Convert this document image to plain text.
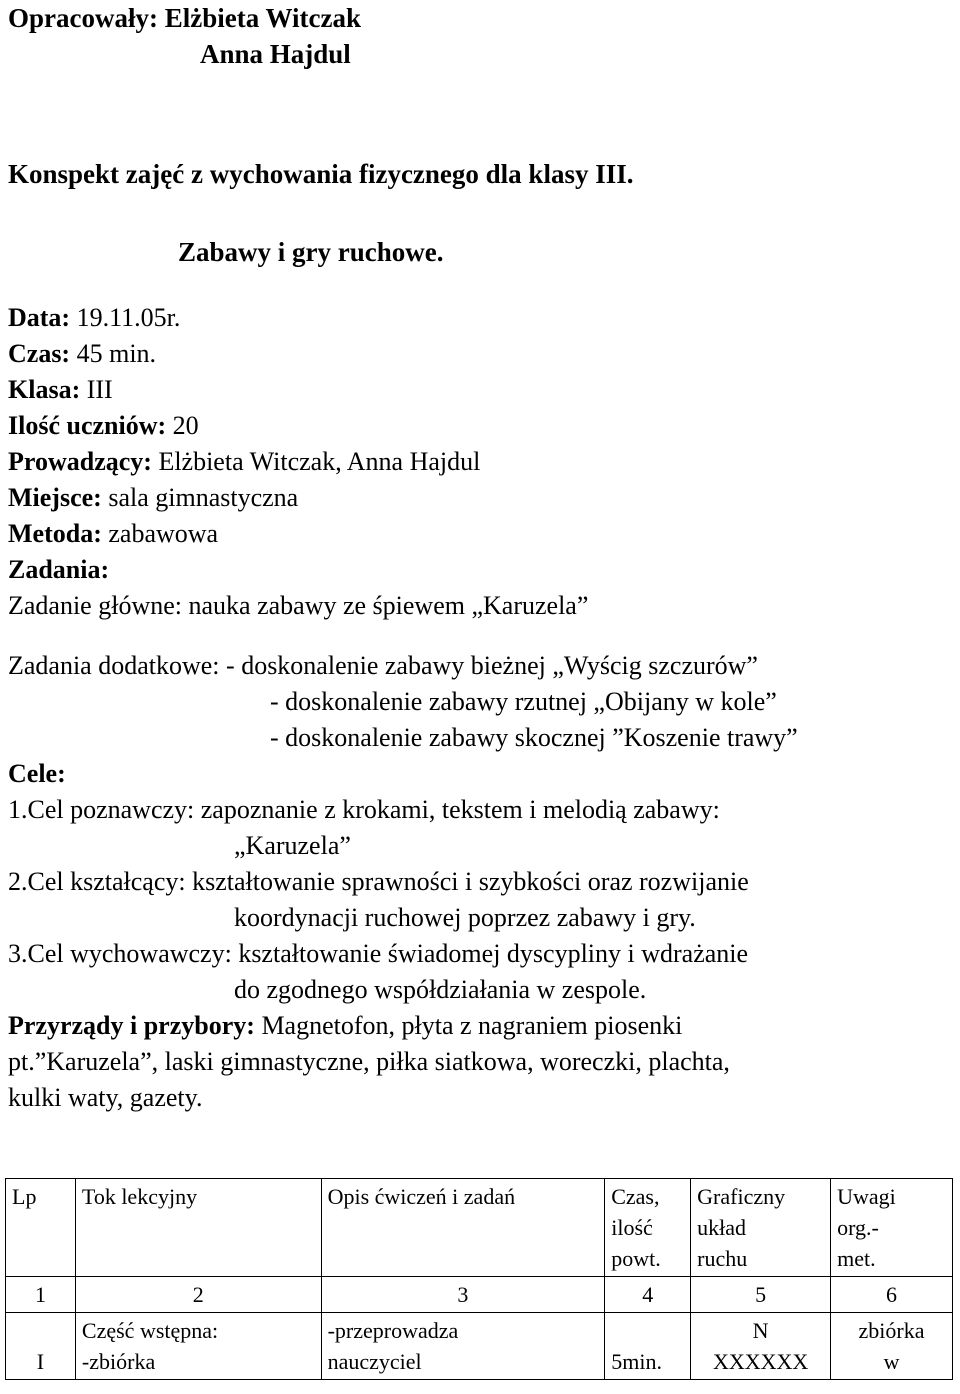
Opracowały: Elżbieta Witczak
Anna Hajdul
Konspekt zajęć z wychowania fizycznego dla klasy III.
Zabawy i gry ruchowe.
Data: 19.11.05r.
Czas: 45 min.
Klasa: III
Ilość uczniów: 20
Prowadzący: Elżbieta Witczak, Anna Hajdul
Miejsce: sala gimnastyczna
Metoda: zabawowa
Zadania:
Zadanie główne: nauka zabawy ze śpiewem „Karuzela”
Zadania dodatkowe: - doskonalenie zabawy bieżnej „Wyścig szczurów”
- doskonalenie zabawy rzutnej „Obijany w kole”
- doskonalenie zabawy skocznej ”Koszenie trawy”
Cele:
1.Cel poznawczy: zapoznanie z krokami, tekstem i melodią zabawy:
„Karuzela”
2.Cel kształcący: kształtowanie sprawności i szybkości oraz rozwijanie
koordynacji ruchowej poprzez zabawy i gry.
3.Cel wychowawczy: kształtowanie świadomej dyscypliny i wdrażanie
do zgodnego współdziałania w zespole.
Przyrządy i przybory: Magnetofon, płyta z nagraniem piosenki
pt.”Karuzela”, laski gimnastyczne, piłka siatkowa, woreczki, plachta,
kulki waty, gazety.
Lp	Tok lekcyjny	Opis ćwiczeń i zadań	Czas,
ilość
powt.	Graficzny
układ
ruchu	Uwagi
org.-
met.
1	2	3	4	5	6
I	Część wstępna:
-zbiórka	-przeprowadza
nauczyciel	5min.	N
XXXXXX	zbiórka
w
